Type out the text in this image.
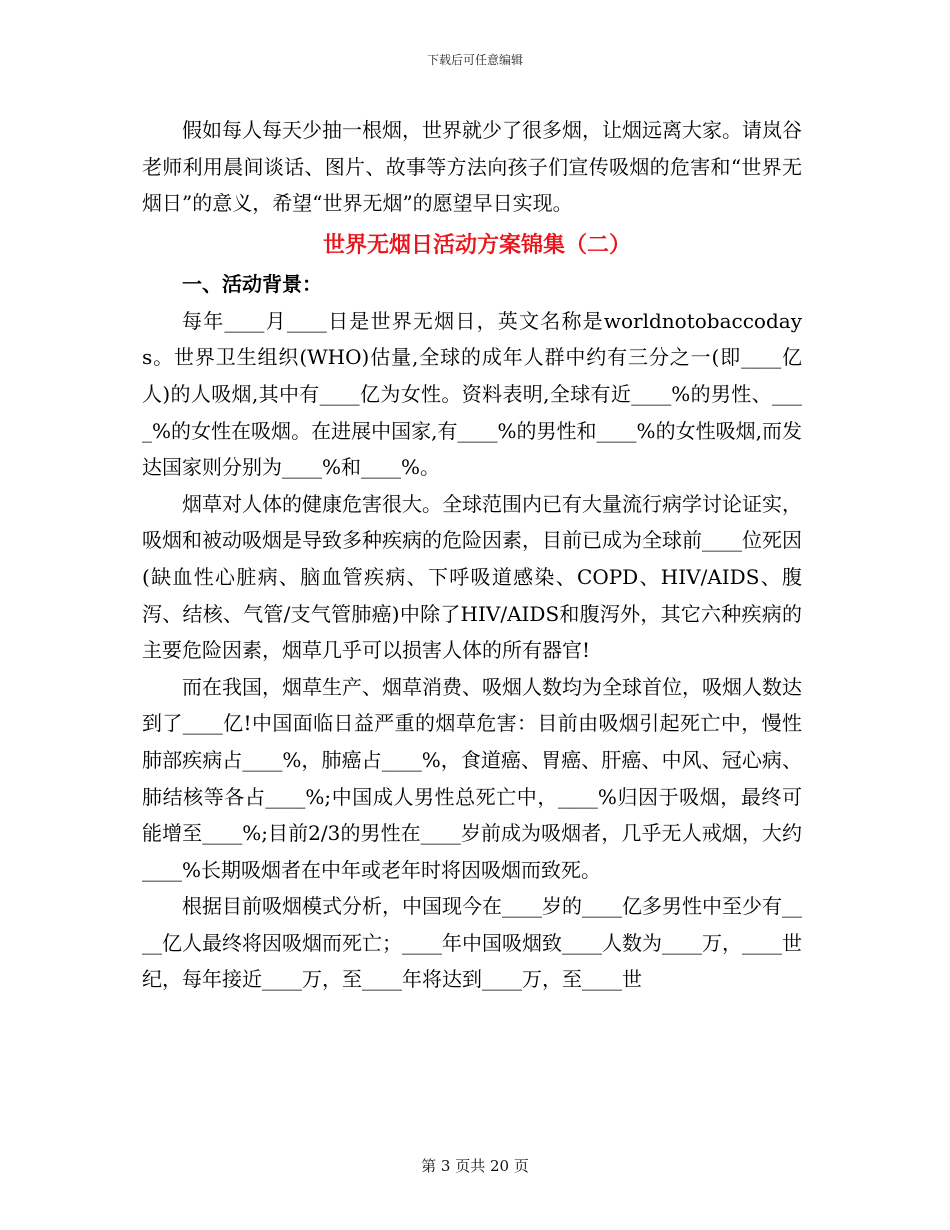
下载后可任意编辑

假如每人每天少抽一根烟，世界就少了很多烟，让烟远离大家。请岚谷老师利用晨间谈话、图片、故事等方法向孩子们宣传吸烟的危害和“世界无烟日”的意义，希望“世界无烟”的愿望早日实现。

世界无烟日活动方案锦集（二）
一、活动背景：

每年____月____日是世界无烟日，英文名称是worldnotobaccodays。世界卫生组织(WHO)估量,全球的成年人群中约有三分之一(即____亿人)的人吸烟,其中有____亿为女性。资料表明,全球有近____%的男性、____%的女性在吸烟。在进展中国家,有____%的男性和____%的女性吸烟,而发达国家则分别为____%和____%。

烟草对人体的健康危害很大。全球范围内已有大量流行病学讨论证实，吸烟和被动吸烟是导致多种疾病的危险因素，目前已成为全球前____位死因(缺血性心脏病、脑血管疾病、下呼吸道感染、COPD、HIV/AIDS、腹泻、结核、气管/支气管肺癌)中除了HIV/AIDS和腹泻外，其它六种疾病的主要危险因素，烟草几乎可以损害人体的所有器官!

而在我国，烟草生产、烟草消费、吸烟人数均为全球首位，吸烟人数达到了____亿!中国面临日益严重的烟草危害：目前由吸烟引起死亡中，慢性肺部疾病占____%，肺癌占____%，食道癌、胃癌、肝癌、中风、冠心病、肺结核等各占____%;中国成人男性总死亡中，____%归因于吸烟，最终可能增至____%;目前2/3的男性在____岁前成为吸烟者，几乎无人戒烟，大约____%长期吸烟者在中年或老年时将因吸烟而致死。

根据目前吸烟模式分析，中国现今在____岁的____亿多男性中至少有____亿人最终将因吸烟而死亡；____年中国吸烟致____人数为____万，____世纪，每年接近____万，至____年将达到____万，至____世

第 3 页共 20 页
